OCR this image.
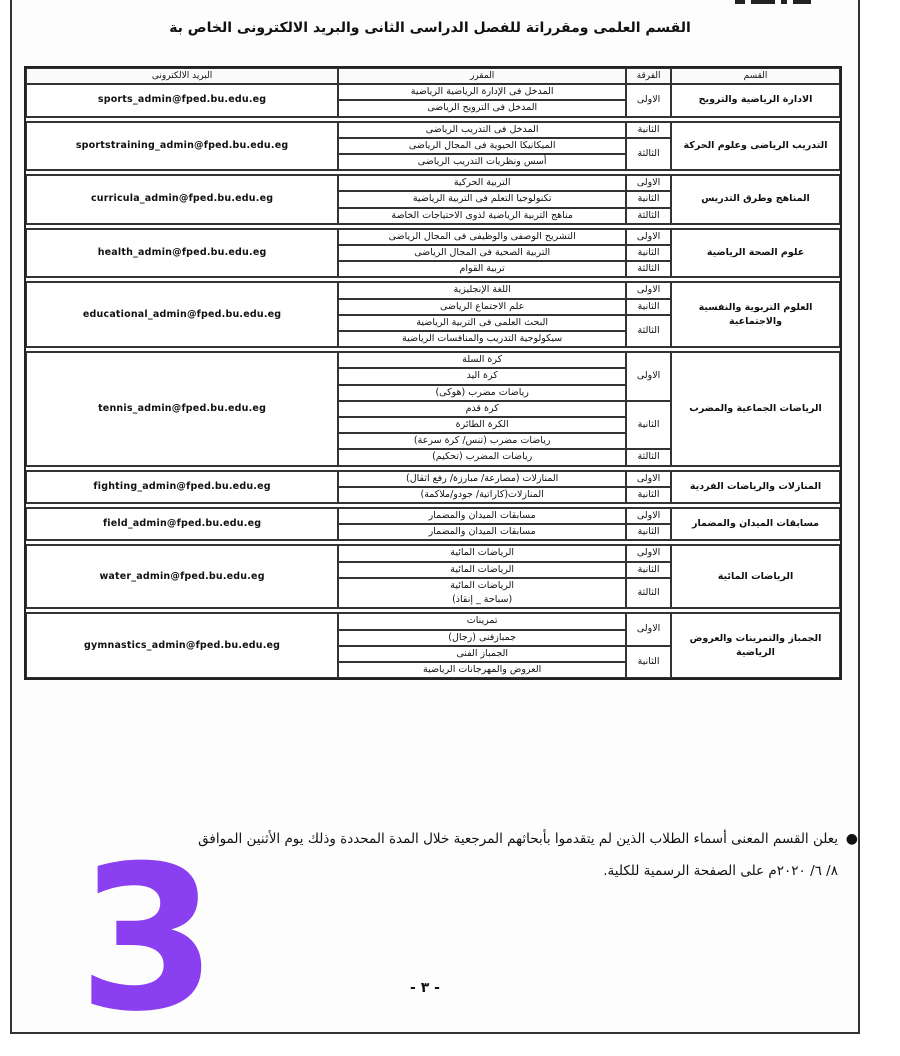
القسم العلمى ومقرراتة للفصل الدراسى الثانى والبريد الالكترونى الخاص بة
القسم	الفرقة	المقرر	البريد الالكترونى
الادارة الرياضية والترويح	الاولى	المدخل فى الإدارة الرياضية الرياضية	sports_admin@fped.bu.edu.eg
		المدخل فى الترويح الرياضى	

التدريب الرياضى وعلوم الحركة	الثانية	المدخل فى التدريب الرياضى	sportstraining_admin@fped.bu.edu.eg
	الثالثة	الميكانيكا الحيوية فى المجال الرياضى	
		أسس ونظريات التدريب الرياضى	

المناهج وطرق التدريس	الاولى	التربية الحركية	curricula_admin@fped.bu.edu.eg
	الثانية	تكنولوجيا التعلم فى التربية الرياضية	
	الثالثة	مناهج التربية الرياضية لذوى الاحتياجات الخاصة	

علوم الصحة الرياضية	الاولى	التشريح الوصفى والوظيفى فى المجال الرياضى	health_admin@fped.bu.edu.eg
	الثانية	التربية الصحية فى المجال الرياضى	
	الثالثة	تربية القوام	

العلوم التربوية والنفسية والاجتماعية	الاولى	اللغة الإنجليزية	educational_admin@fped.bu.edu.eg
	الثانية	علم الاجتماع الرياضى	
	الثالثة	البحث العلمى فى التربية الرياضية	
		سيكولوجية التدريب والمنافسات الرياضية	

الرياضات الجماعية والمضرب	الاولى	كرة السلة	tennis_admin@fped.bu.edu.eg
		كرة اليد	
		رياضات مضرب (هوكى)	
	الثانية	كرة قدم	
		الكرة الطائرة	
		رياضات مضرب (تنس/ كرة سرعة)	
	الثالثة	رياضات المضرب (تحكيم)	

المنازلات والرياضات الفردية	الاولى	المنازلات (مصارعة/ مبارزة/ رفع اثقال)	fighting_admin@fped.bu.edu.eg
	الثانية	المنازلات(كاراتية/ جودو/ملاكمة)	

مسابقات الميدان والمضمار	الاولى	مسابقات الميدان والمضمار	field_admin@fped.bu.edu.eg
	الثانية	مسابقات الميدان والمضمار	

الرياضات المائية	الاولى	الرياضات المائية	water_admin@fped.bu.edu.eg
	الثانية	الرياضات المائية	
	الثالثة	الرياضات المائية
(سباحة _ إنقاذ)	

الجمباز والتمرينات والعروض الرياضية	الاولى	تمرينات	gymnastics_admin@fped.bu.edu.eg
		جمبازفنى (رجال)	
	الثانية	الجمباز الفنى	
		العروض والمهرجانات الرياضية	
●
يعلن القسم المعنى أسماء الطلاب الذين لم يتقدموا بأبحاثهم المرجعية خلال المدة المحددة وذلك يوم الأثنين الموافق
٨/ ٦/ ٢٠٢٠م على الصفحة الرسمية للكلية.
3	- ٣ -
